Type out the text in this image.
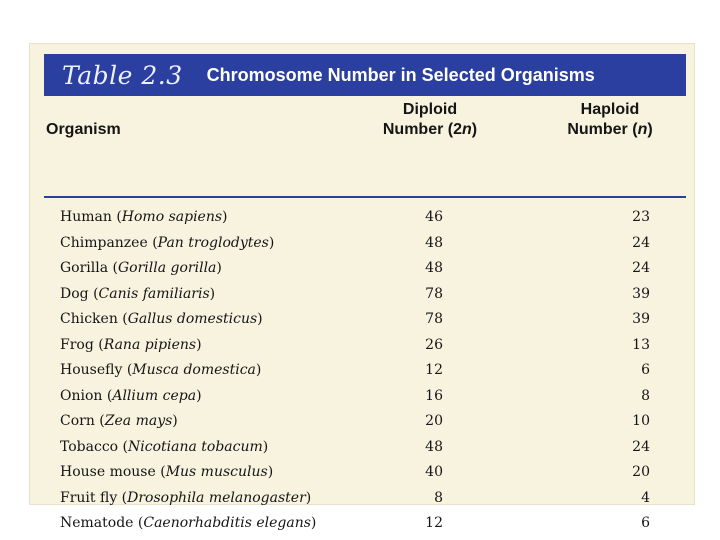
Table 2.3 Chromosome Number in Selected Organisms
Organism
Diploid
Number (2n)
Haploid
Number (n)
Human (Homo sapiens)	46	23
Chimpanzee (Pan troglodytes)	48	24
Gorilla (Gorilla gorilla)	48	24
Dog (Canis familiaris)	78	39
Chicken (Gallus domesticus)	78	39
Frog (Rana pipiens)	26	13
Housefly (Musca domestica)	12	6
Onion (Allium cepa)	16	8
Corn (Zea mays)	20	10
Tobacco (Nicotiana tobacum)	48	24
House mouse (Mus musculus)	40	20
Fruit fly (Drosophila melanogaster)	8	4
Nematode (Caenorhabditis elegans)	12	6
